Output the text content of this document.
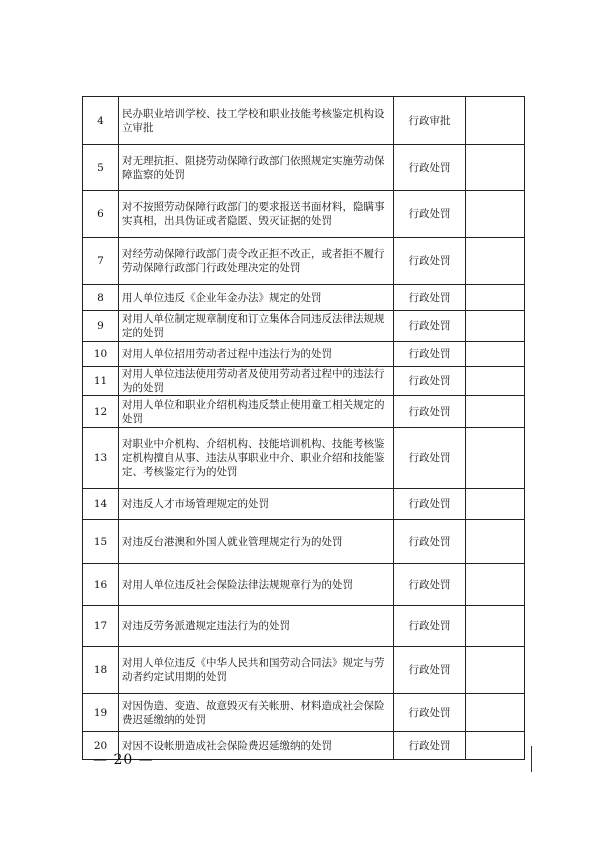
4	民办职业培训学校、技工学校和职业技能考核鉴定机构设立审批	行政审批	
5	对无理抗拒、阻挠劳动保障行政部门依照规定实施劳动保障监察的处罚	行政处罚	
6	对不按照劳动保障行政部门的要求报送书面材料，隐瞒事实真相，出具伪证或者隐匿、毁灭证据的处罚	行政处罚	
7	对经劳动保障行政部门责令改正拒不改正，或者拒不履行劳动保障行政部门行政处理决定的处罚	行政处罚	
8	用人单位违反《企业年金办法》规定的处罚	行政处罚	
9	对用人单位制定规章制度和订立集体合同违反法律法规规定的处罚	行政处罚	
10	对用人单位招用劳动者过程中违法行为的处罚	行政处罚	
11	对用人单位违法使用劳动者及使用劳动者过程中的违法行为的处罚	行政处罚	
12	对用人单位和职业介绍机构违反禁止使用童工相关规定的处罚	行政处罚	
13	对职业中介机构、介绍机构、技能培训机构、技能考核鉴定机构擅自从事、违法从事职业中介、职业介绍和技能鉴定、考核鉴定行为的处罚	行政处罚	
14	对违反人才市场管理规定的处罚	行政处罚	
15	对违反台港澳和外国人就业管理规定行为的处罚	行政处罚	
16	对用人单位违反社会保险法律法规规章行为的处罚	行政处罚	
17	对违反劳务派遣规定违法行为的处罚	行政处罚	
18	对用人单位违反《中华人民共和国劳动合同法》规定与劳动者约定试用期的处罚	行政处罚	
19	对因伪造、变造、故意毁灭有关帐册、材料造成社会保险费迟延缴纳的处罚	行政处罚	
20	对因不设帐册造成社会保险费迟延缴纳的处罚	行政处罚	
— 20 —
